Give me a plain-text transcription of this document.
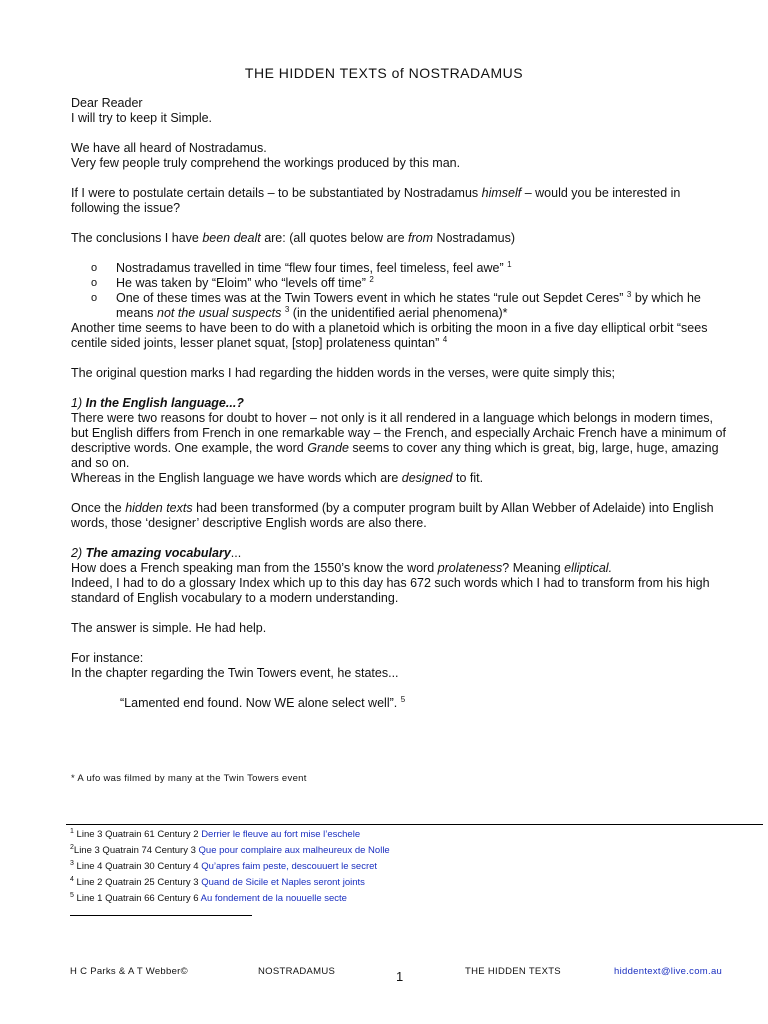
THE HIDDEN TEXTS of NOSTRADAMUS

Dear Reader

I will try to keep it Simple.

We have all heard of Nostradamus.

Very few people truly comprehend the workings produced by this man.

If I were to postulate certain details – to be substantiated by Nostradamus himself – would you be interested in following the issue?

The conclusions I have been dealt are: (all quotes below are from Nostradamus)

o Nostradamus travelled in time “flew four times, feel timeless, feel awe” $^1$
o He was taken by “Eloim” who “levels off time” $^2$
o One of these times was at the Twin Towers event in which he states “rule out Sepdet Ceres” $^3$ by which he means not the usual suspects $^3$ (in the unidentified aerial phenomena)*

Another time seems to have been to do with a planetoid which is orbiting the moon in a five day elliptical orbit “sees centile sided joints, lesser planet squat, [stop] prolateness quintan” $^4$

The original question marks I had regarding the hidden words in the verses, were quite simply this;

1) In the English language...?

There were two reasons for doubt to hover – not only is it all rendered in a language which belongs in modern times, but English differs from French in one remarkable way – the French, and especially Archaic French have a minimum of descriptive words. One example, the word Grande seems to cover any thing which is great, big, large, huge, amazing and so on.

Whereas in the English language we have words which are designed to fit.

Once the hidden texts had been transformed (by a computer program built by Allan Webber of Adelaide) into English words, those ‘designer’ descriptive English words are also there.

2) The amazing vocabulary...

How does a French speaking man from the 1550’s know the word prolateness? Meaning elliptical.

Indeed, I had to do a glossary Index which up to this day has 672 such words which I had to transform from his high standard of English vocabulary to a modern understanding.

The answer is simple. He had help.

For instance:

In the chapter regarding the Twin Towers event, he states...

“Lamented end found. Now WE alone select well”. $^5$

* A ufo was filmed by many at the Twin Towers event

$^1$ Line 3 Quatrain 61 Century 2 Derrier le fleuve au fort mise l’eschele
$^2$Line 3 Quatrain 74 Century 3 Que pour complaire aux malheureux de Nolle
$^3$ Line 4 Quatrain 30 Century 4 Qu’apres faim peste, descouuert le secret
$^4$ Line 2 Quatrain 25 Century 3 Quand de Sicile et Naples seront joints
$^5$ Line 1 Quatrain 66 Century 6 Au fondement de la nouuelle secte
H C Parks & A T Webber©	NOSTRADAMUS	1	THE HIDDEN TEXTS	hiddentext@live.com.au
